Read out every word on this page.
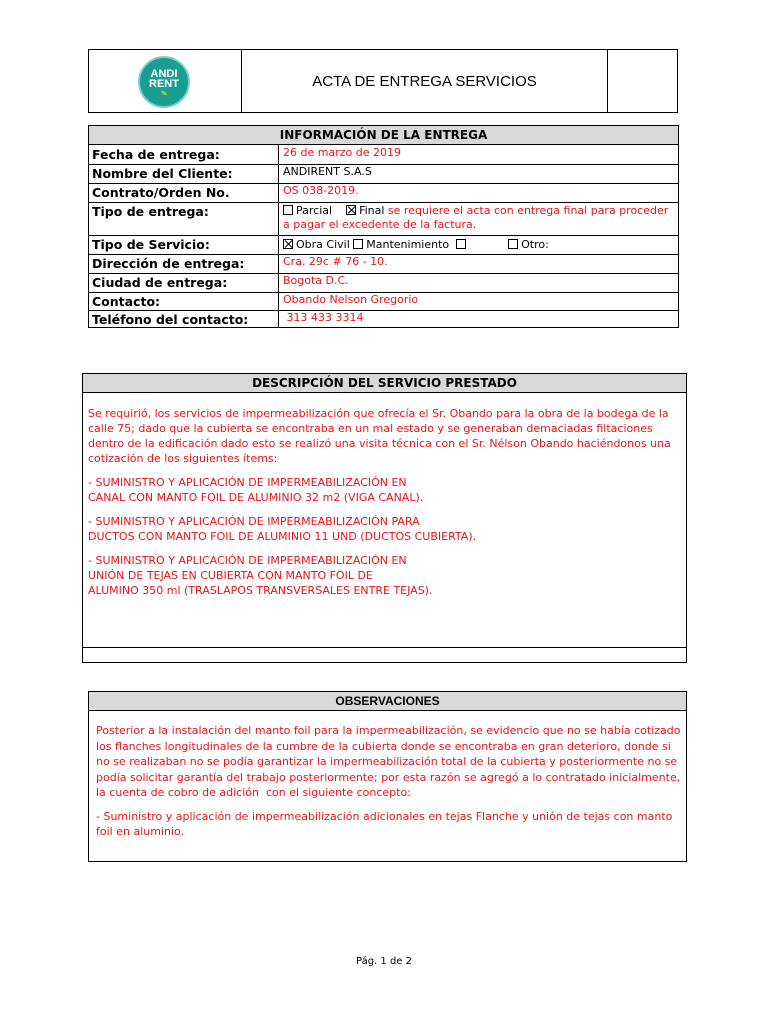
ANDI
RENT	ACTA DE ENTREGA SERVICIOS
INFORMACIÓN DE LA ENTREGA
Fecha de entrega:	26 de marzo de 2019
Nombre del Cliente:	ANDIRENT S.A.S
Contrato/Orden No.	OS 038-2019.
Tipo de entrega:	Parcial Final se requiere el acta con entrega final para proceder a pagar el excedente de la factura.
Tipo de Servicio:	Obra Civil Mantenimiento	Otro:
Dirección de entrega:	Cra. 29c # 76 - 10.
Ciudad de entrega:	Bogota D.C.
Contacto:	Obando Nelson Gregorio
Teléfono del contacto:	313 433 3314
DESCRIPCIÓN DEL SERVICIO PRESTADO

Se requirió, los servicios de impermeabilización que ofrecía el Sr. Obando para la obra de la bodega de la calle 75; dado que la cubierta se encontraba en un mal estado y se generaban demaciadas filtaciones dentro de la edificación dado esto se realizó una visita técnica con el Sr. Nélson Obando haciéndonos una cotización de los siguientes ítems:

- SUMINISTRO Y APLICACIÓN DE IMPERMEABILIZACIÓN EN
CANAL CON MANTO FOIL DE ALUMINIO 32 m2 (VIGA CANAL).

- SUMINISTRO Y APLICACIÓN DE IMPERMEABILIZACIÓN PARA
DUCTOS CON MANTO FOIL DE ALUMINIO 11 UND (DUCTOS CUBIERTA).

- SUMINISTRO Y APLICACIÓN DE IMPERMEABILIZACIÓN EN
UNIÓN DE TEJAS EN CUBIERTA CON MANTO FOIL DE
ALUMINO 350 ml (TRASLAPOS TRANSVERSALES ENTRE TEJAS).

OBSERVACIONES

Posterior a la instalación del manto foil para la impermeabilización, se evidencio que no se había cotizado los flanches longitudinales de la cumbre de la cubierta donde se encontraba en gran deterioro, donde si no se realizaban no se podía garantizar la impermeabilización total de la cubierta y posteriormente no se podía solicitar garantía del trabajo posteriormente; por esta razón se agregó a lo contratado inicialmente, la cuenta de cobro de adición  con el siguiente concepto:

- Suministro y aplicación de impermeabilización adicionales en tejas Flanche y unión de tejas con manto foil en aluminio.

Pág. 1 de 2
